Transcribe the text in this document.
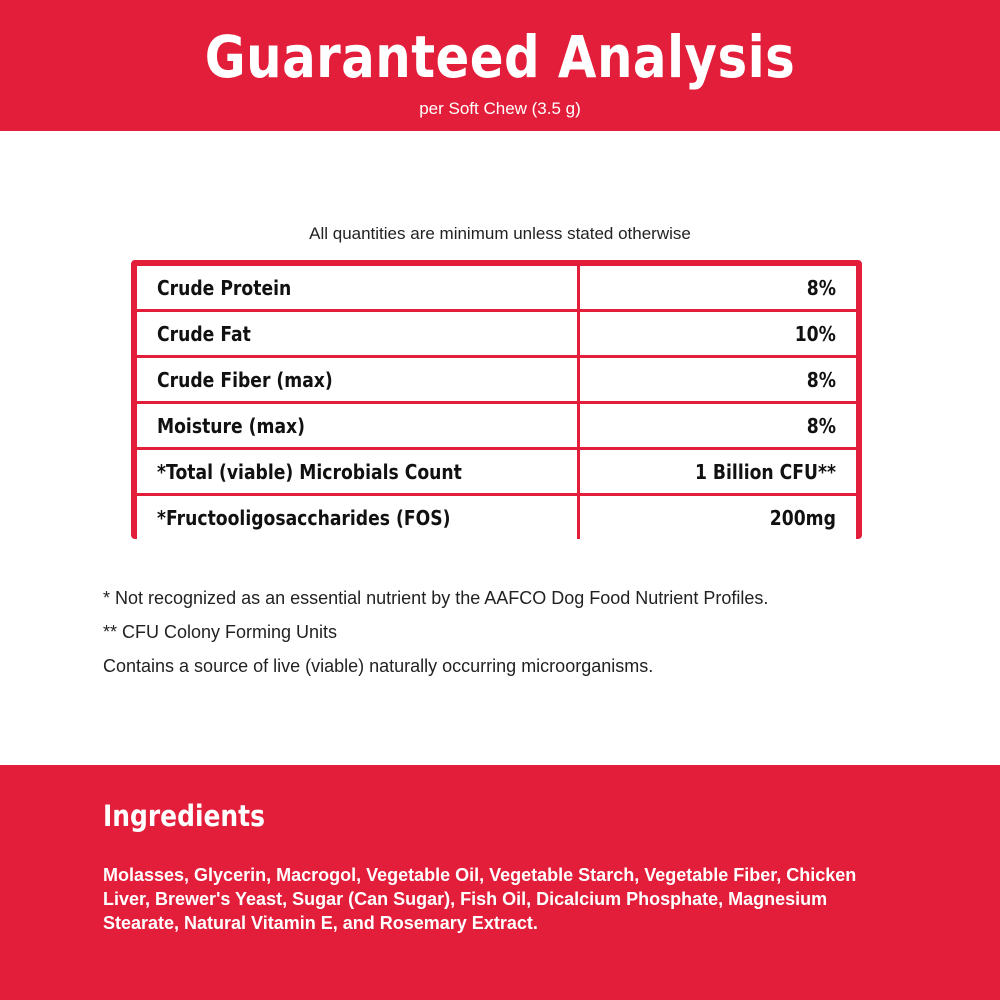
Guaranteed Analysis
per Soft Chew (3.5 g)
All quantities are minimum unless stated otherwise
Crude Protein	8%
Crude Fat	10%
Crude Fiber (max)	8%
Moisture (max)	8%
*Total (viable) Microbials Count	1 Billion CFU**
*Fructooligosaccharides (FOS)	200mg
* Not recognized as an essential nutrient by the AAFCO Dog Food Nutrient Profiles.
** CFU Colony Forming Units
Contains a source of live (viable) naturally occurring microorganisms.
Ingredients
Molasses, Glycerin, Macrogol, Vegetable Oil, Vegetable Starch, Vegetable Fiber, Chicken Liver, Brewer's Yeast, Sugar (Can Sugar), Fish Oil, Dicalcium Phosphate, Magnesium Stearate, Natural Vitamin E, and Rosemary Extract.
